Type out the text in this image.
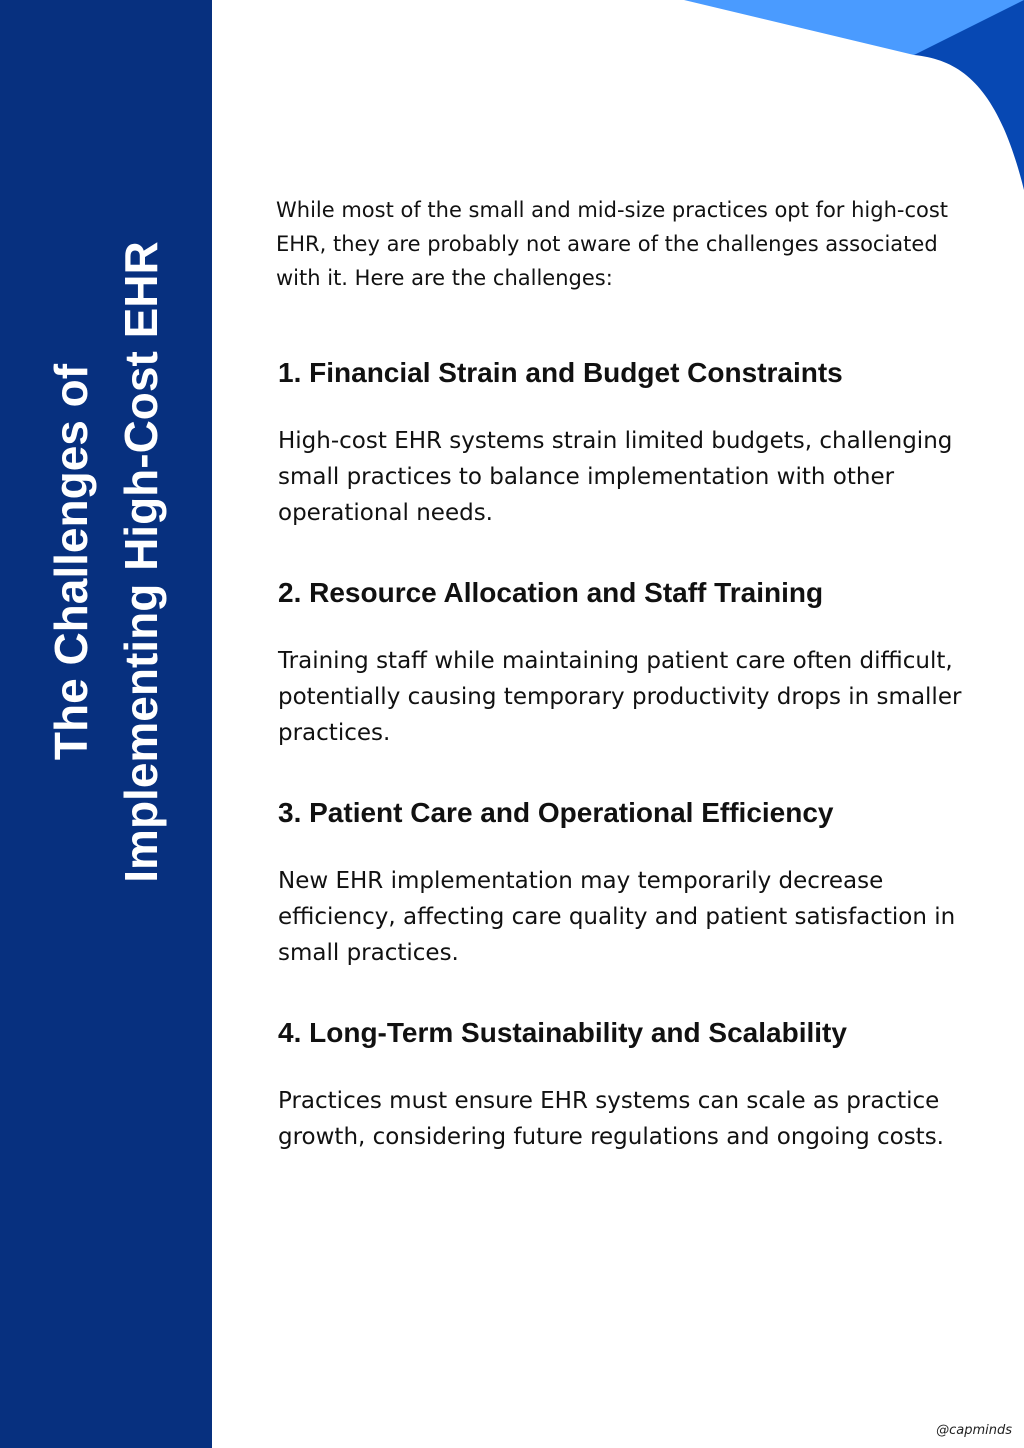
The Challenges of Implementing High-Cost EHR

While most of the small and mid-size practices opt for high-cost EHR, they are probably not aware of the challenges associated with it. Here are the challenges:

1. Financial Strain and Budget Constraints

High-cost EHR systems strain limited budgets, challenging small practices to balance implementation with other operational needs.

2. Resource Allocation and Staff Training

Training staff while maintaining patient care often difficult, potentially causing temporary productivity drops in smaller practices.

3. Patient Care and Operational Efficiency

New EHR implementation may temporarily decrease efficiency, affecting care quality and patient satisfaction in small practices.

4. Long-Term Sustainability and Scalability

Practices must ensure EHR systems can scale as practice growth, considering future regulations and ongoing costs.

@capminds
